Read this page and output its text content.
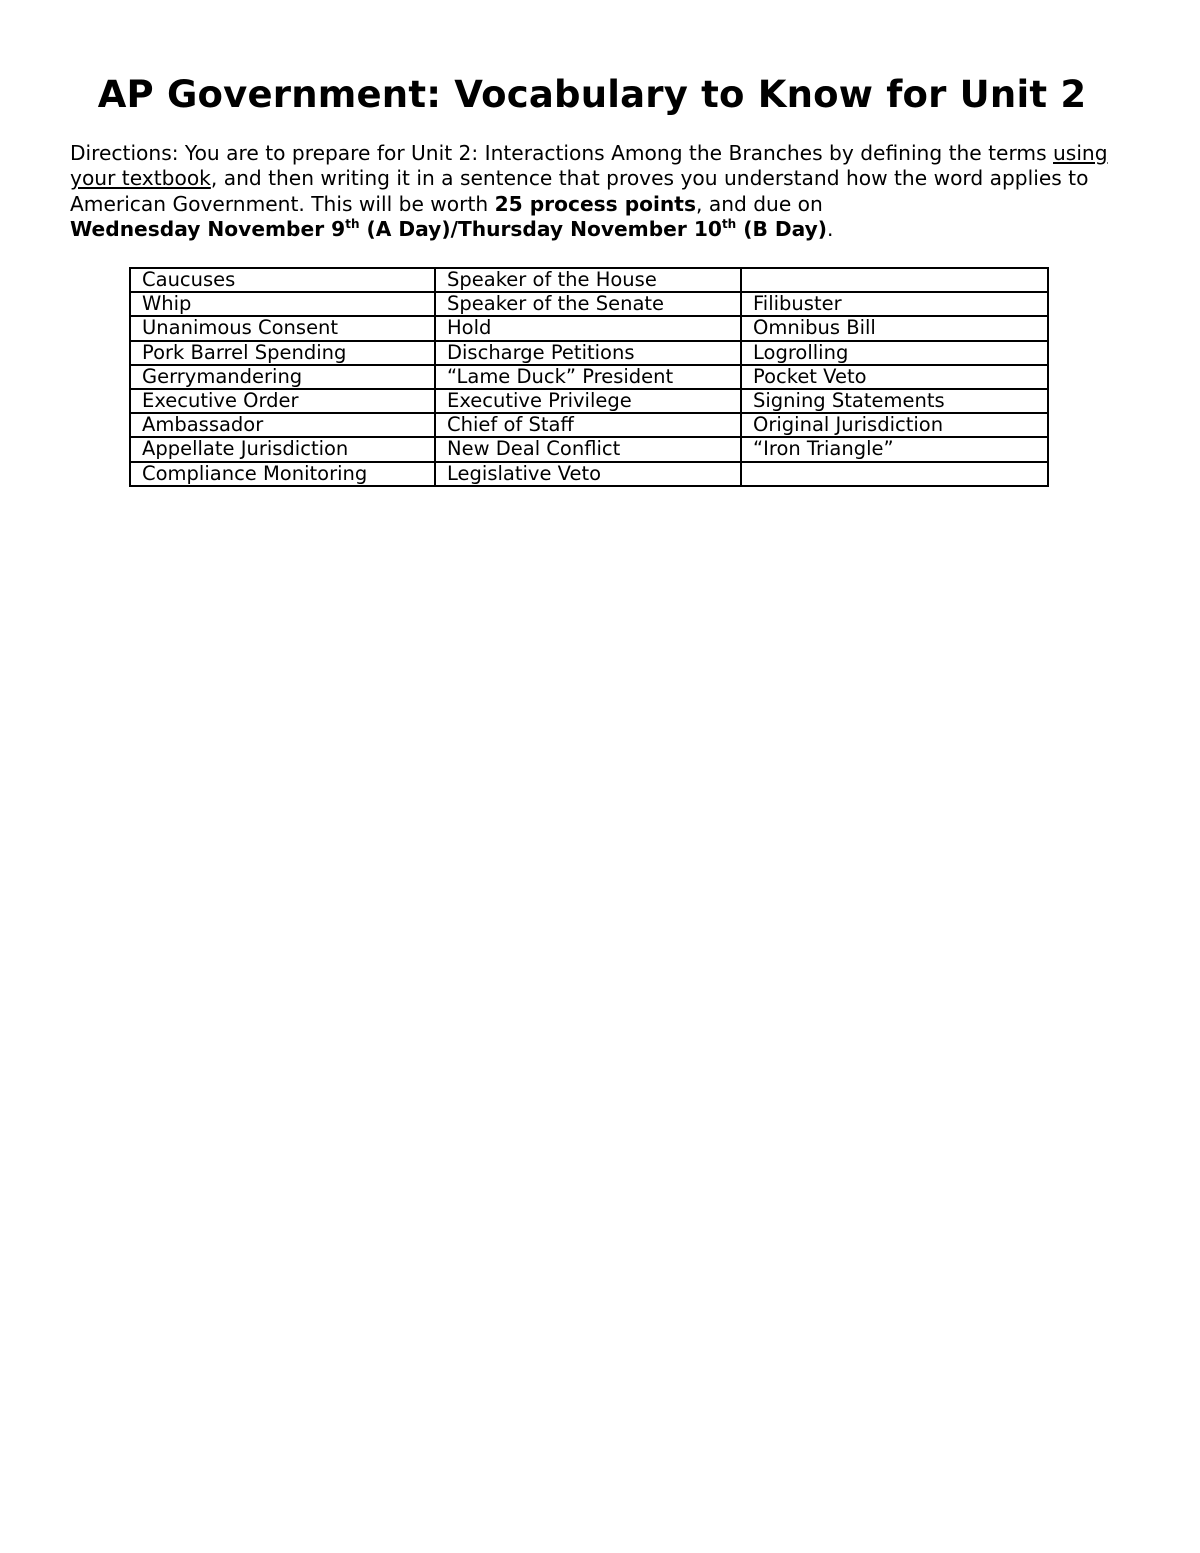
AP Government: Vocabulary to Know for Unit 2

Directions: You are to prepare for Unit 2: Interactions Among the Branches by defining the terms using your textbook, and then writing it in a sentence that proves you understand how the word applies to American Government. This will be worth 25 process points, and due on
Wednesday November 9th (A Day)/Thursday November 10th (B Day).

Caucuses	Speaker of the House	
Whip	Speaker of the Senate	Filibuster
Unanimous Consent	Hold	Omnibus Bill
Pork Barrel Spending	Discharge Petitions	Logrolling
Gerrymandering	“Lame Duck” President	Pocket Veto
Executive Order	Executive Privilege	Signing Statements
Ambassador	Chief of Staff	Original Jurisdiction
Appellate Jurisdiction	New Deal Conflict	“Iron Triangle”
Compliance Monitoring	Legislative Veto	
